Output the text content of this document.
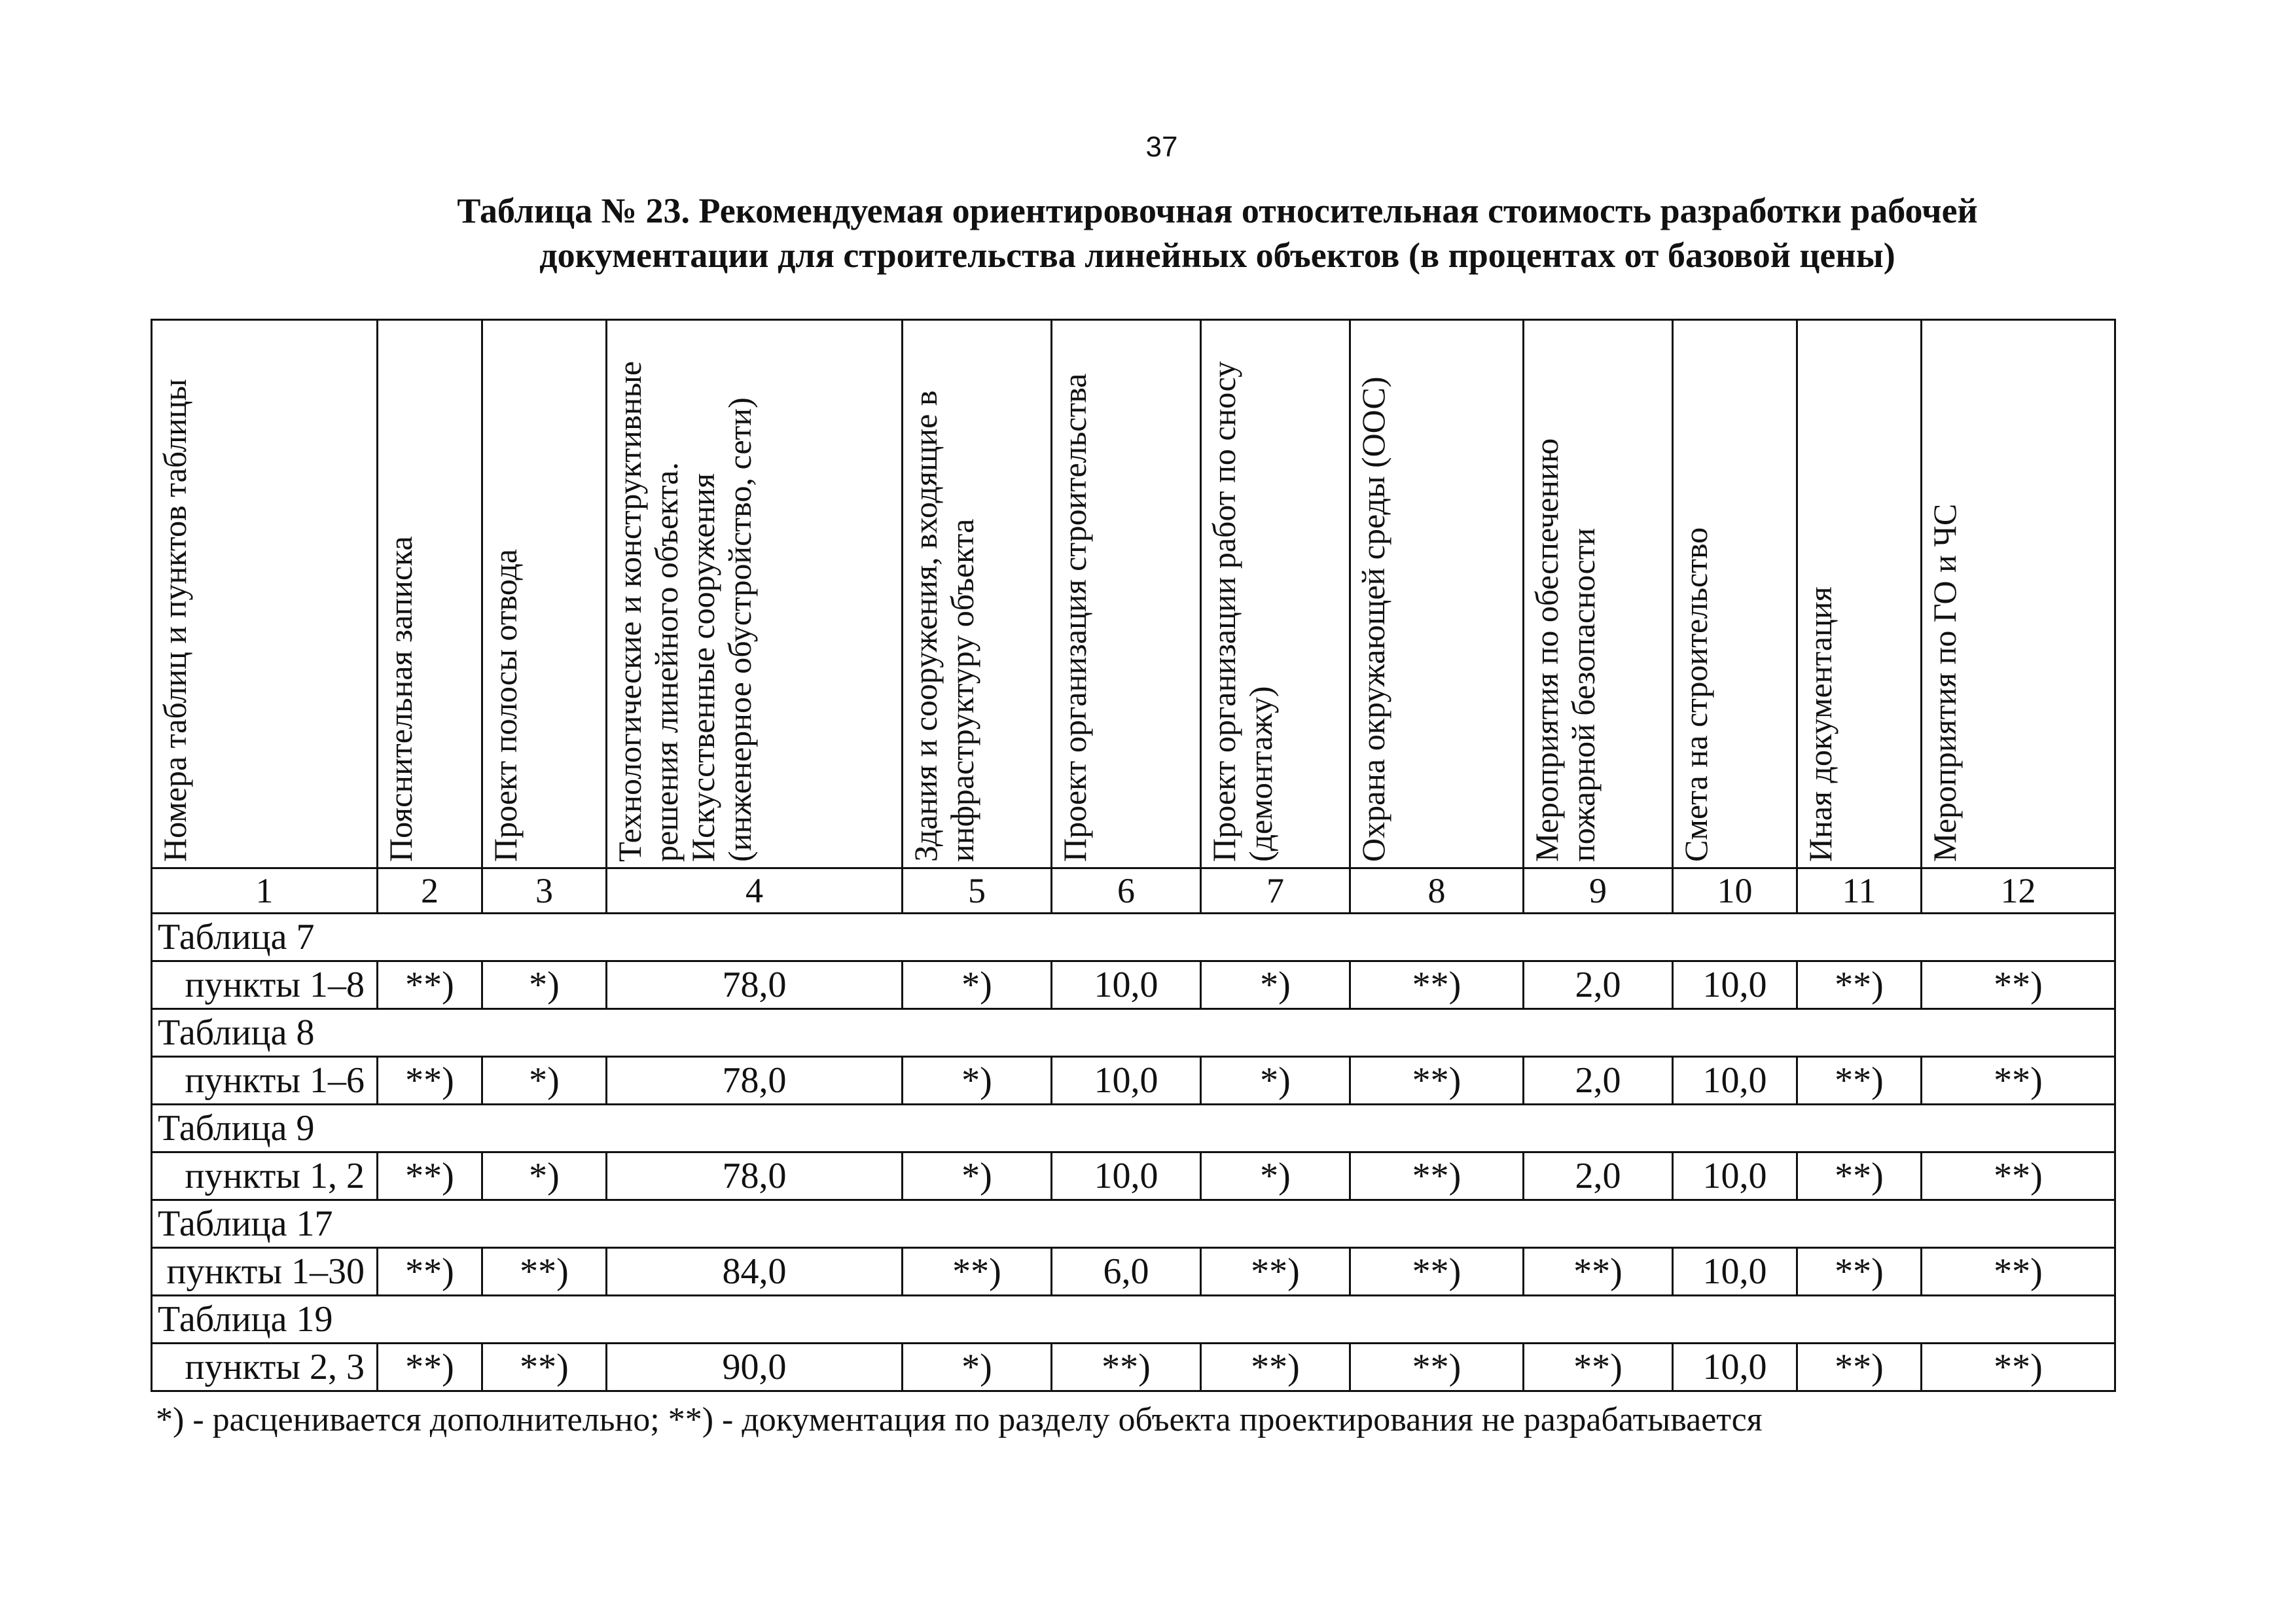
37
Таблица № 23. Рекомендуемая ориентировочная относительная стоимость разработки рабочей
документации для строительства линейных объектов (в процентах от базовой цены)
Номера таблиц и пунктов таблицы	Пояснительная записка	Проект полосы отвода	Технологические и конструктивные решения линейного объекта. Искусственные сооружения (инженерное обустройство, сети)	Здания и сооружения, входящие в инфраструктуру объекта	Проект организация строительства	Проект организации работ по сносу (демонтажу)	Охрана окружающей среды (ООС)	Мероприятия по обеспечению пожарной безопасности	Смета на строительство	Иная документация	Мероприятия по ГО и ЧС

1	2	3	4	5	6	7	8	9	10	11	12
Таблица 7											
пункты 1–8	**)	*)	78,0	*)	10,0	*)	**)	2,0	10,0	**)	**)
Таблица 8											
пункты 1–6	**)	*)	78,0	*)	10,0	*)	**)	2,0	10,0	**)	**)
Таблица 9											
пункты 1, 2	**)	*)	78,0	*)	10,0	*)	**)	2,0	10,0	**)	**)
Таблица 17											
пункты 1–30	**)	**)	84,0	**)	6,0	**)	**)	**)	10,0	**)	**)
Таблица 19											
пункты 2, 3	**)	**)	90,0	*)	**)	**)	**)	**)	10,0	**)	**)
*) - расценивается дополнительно; **) - документация по разделу объекта проектирования не разрабатывается
